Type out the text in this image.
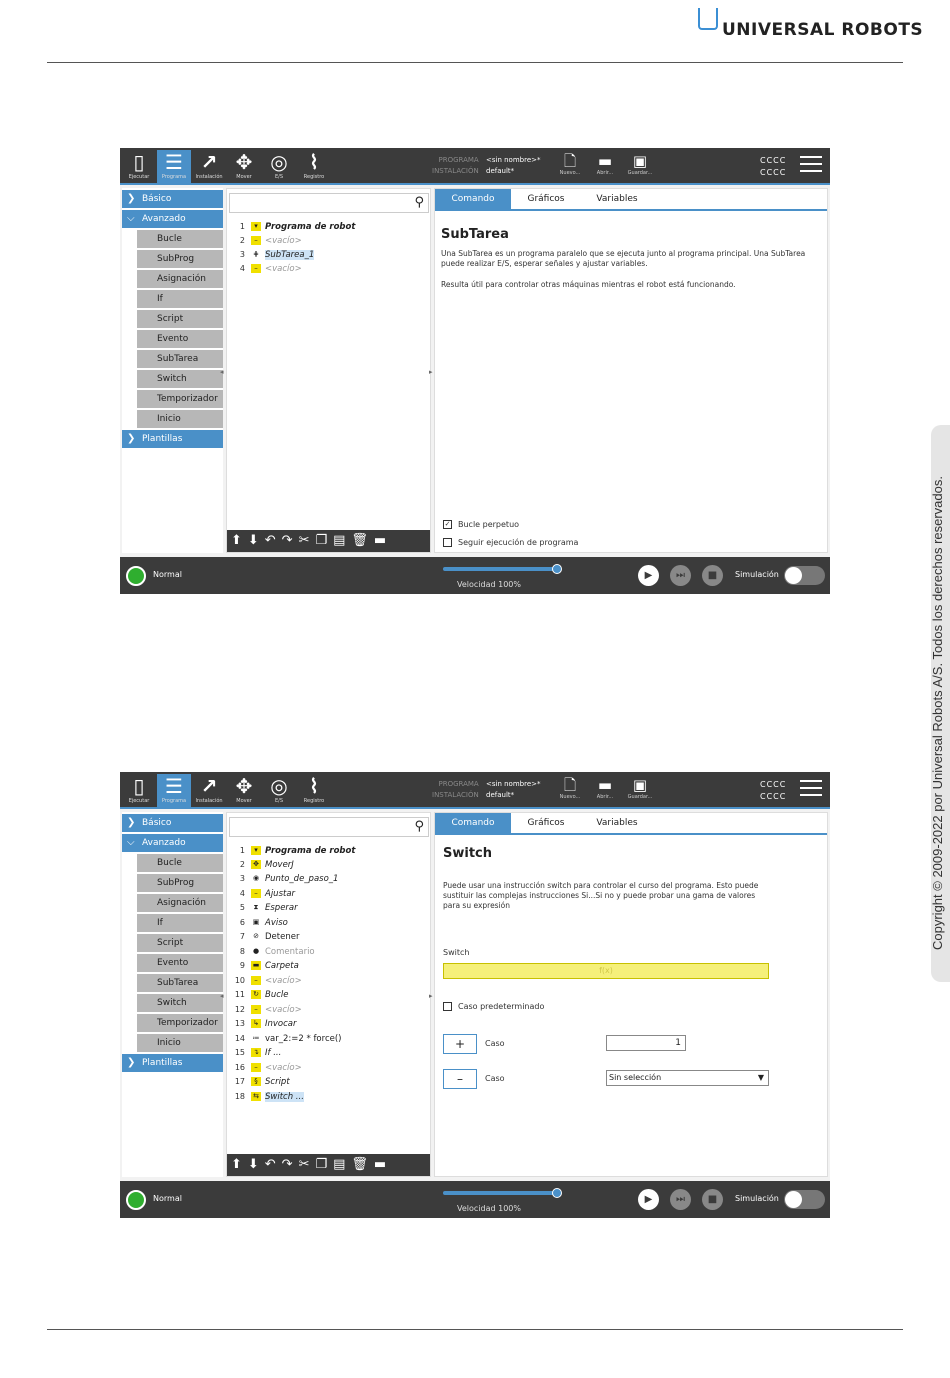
UNIVERSAL ROBOTS
Copyright © 2009-2022 por Universal Robots A/S. Todos los derechos reservados.
▯
Ejecutar
☰
Programa
↗
Instalación
✥
Mover
◎
E/S
⌇
Registro
PROGRAMA
INSTALACIÓN
<sin nombre>*
default*
🗋
Nuevo...
▬
Abrir...
▣
Guardar...
CCCC
CCCC
❯ Básico
⌵ Avanzado
Bucle
SubProg
Asignación
If
Script
Evento
SubTarea
Switch
Temporizador
Inicio
❯ Plantillas
◂
⚲
1 ▾ Programa de robot
2 – <vacío>
3 ⋕ SubTarea_1
4 – <vacío>
⬆⬇↶↷✂❐▤🗑▬
▸
Comando	Gráficos	Variables
SubTarea
Una SubTarea es un programa paralelo que se ejecuta junto al programa principal. Una SubTarea puede realizar E/S, esperar señales y ajustar variables.
Resulta útil para controlar otras máquinas mientras el robot está funcionando.
✓ Bucle perpetuo
Seguir ejecución de programa
Normal
Velocidad 100%
▶	⏭	■	Simulación
▯
Ejecutar
☰
Programa
↗
Instalación
✥
Mover
◎
E/S
⌇
Registro
PROGRAMA
INSTALACIÓN
<sin nombre>*
default*
🗋
Nuevo...
▬
Abrir...
▣
Guardar...
CCCC
CCCC
❯ Básico
⌵ Avanzado
Bucle
SubProg
Asignación
If
Script
Evento
SubTarea
Switch
Temporizador
Inicio
❯ Plantillas
◂
⚲
1 ▾ Programa de robot
2 ✥ MoverJ
3 ◉ Punto_de_paso_1
4 – Ajustar
5 ⧗ Esperar
6 ▣ Aviso
7 ⊘ Detener
8 ● Comentario
9 ▬ Carpeta
10 – <vacío>
11 ↻ Bucle
12 – <vacío>
13 ↳ Invocar
14 ≔ var_2:=2 * force()
15 ↴ If ...
16 – <vacío>
17 § Script
18 ⇆ Switch ...
⬆⬇↶↷✂❐▤🗑▬
▸
Comando	Gráficos	Variables
Switch
Puede usar una instrucción switch para controlar el curso del programa. Esto puede sustituir las complejas instrucciones Si...Si no y puede probar una gama de valores para su expresión
Switch
f(x)
Caso predeterminado
+	Caso	1
–	Caso	Sin selección	▼
Normal
Velocidad 100%
▶	⏭	■	Simulación
